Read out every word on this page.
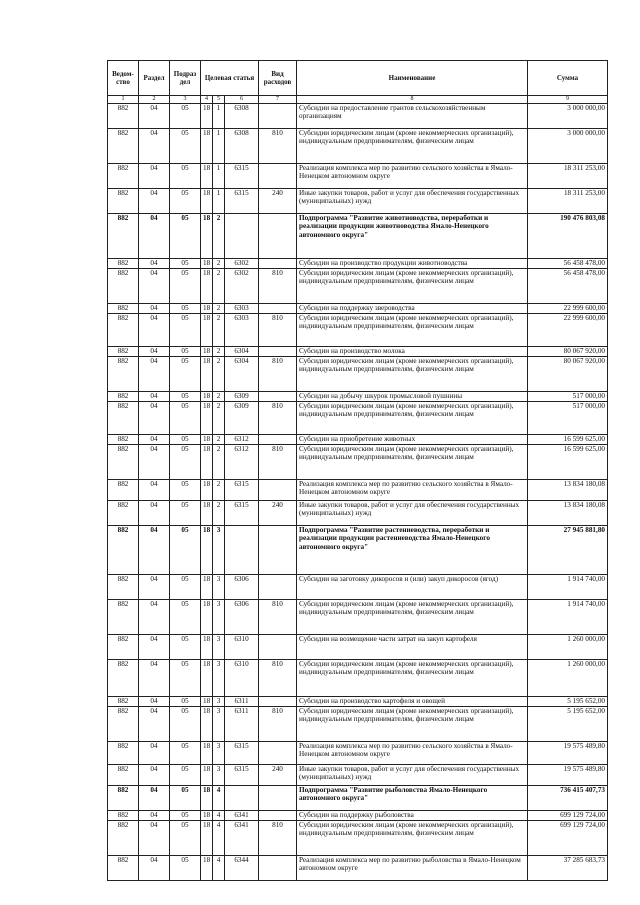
Ведом-ство	Раздел	Подраз дел	Целевая статья			Вид расходов	Наименование	Сумма
1	2	3	4	5	6	7	8	9
882	04	05	18	1	6308		Субсидии на предоставление грантов сельскохозяйственным организациям	3 000 000,00
882	04	05	18	1	6308	810	Субсидии юридическим лицам (кроме некоммерческих организаций), индивидуальным предпринимателям, физическим лицам	3 000 000,00
882	04	05	18	1	6315		Реализация комплекса мер по развитию сельского хозяйства в Ямало-Ненецком автономном округе	18 311 253,00
882	04	05	18	1	6315	240	Иные закупки товаров, работ и услуг для обеспечения государственных (муниципальных) нужд	18 311 253,00
882	04	05	18	2			Подпрограмма "Развитие животноводства, переработки и реализации продукции животноводства Ямало-Ненецкого автономного округа"	190 476 803,08
882	04	05	18	2	6302		Субсидии на производство продукции животноводства	56 458 478,00
882	04	05	18	2	6302	810	Субсидии юридическим лицам (кроме некоммерческих организаций), индивидуальным предпринимателям, физическим лицам	56 458 478,00
882	04	05	18	2	6303		Субсидии на поддержку звероводства	22 999 600,00
882	04	05	18	2	6303	810	Субсидии юридическим лицам (кроме некоммерческих организаций), индивидуальным предпринимателям, физическим лицам	22 999 600,00
882	04	05	18	2	6304		Субсидии на производство молока	80 067 920,00
882	04	05	18	2	6304	810	Субсидии юридическим лицам (кроме некоммерческих организаций), индивидуальным предпринимателям, физическим лицам	80 067 920,00
882	04	05	18	2	6309		Субсидии на добычу шкурок промысловой пушнины	517 000,00
882	04	05	18	2	6309	810	Субсидии юридическим лицам (кроме некоммерческих организаций), индивидуальным предпринимателям, физическим лицам	517 000,00
882	04	05	18	2	6312		Субсидии на приобретение животных	16 599 625,00
882	04	05	18	2	6312	810	Субсидии юридическим лицам (кроме некоммерческих организаций), индивидуальным предпринимателям, физическим лицам	16 599 625,00
882	04	05	18	2	6315		Реализация комплекса мер по развитию сельского хозяйства в Ямало-Ненецком автономном округе	13 834 180,08
882	04	05	18	2	6315	240	Иные закупки товаров, работ и услуг для обеспечения государственных (муниципальных) нужд	13 834 180,08
882	04	05	18	3			Подпрограмма "Развитие растениеводства, переработки и реализации продукции растениеводства Ямало-Ненецкого автономного округа"	27 945 881,80
882	04	05	18	3	6306		Субсидии на заготовку дикоросов и (или) закуп дикоросов (ягод)	1 914 740,00
882	04	05	18	3	6306	810	Субсидии юридическим лицам (кроме некоммерческих организаций), индивидуальным предпринимателям, физическим лицам	1 914 740,00
882	04	05	18	3	6310		Субсидии на возмещение части затрат на закуп картофеля	1 260 000,00
882	04	05	18	3	6310	810	Субсидии юридическим лицам (кроме некоммерческих организаций), индивидуальным предпринимателям, физическим лицам	1 260 000,00
882	04	05	18	3	6311		Субсидии на производство картофеля и овощей	5 195 652,00
882	04	05	18	3	6311	810	Субсидии юридическим лицам (кроме некоммерческих организаций), индивидуальным предпринимателям, физическим лицам	5 195 652,00
882	04	05	18	3	6315		Реализация комплекса мер по развитию сельского хозяйства в Ямало-Ненецком автономном округе	19 575 489,80
882	04	05	18	3	6315	240	Иные закупки товаров, работ и услуг для обеспечения государственных (муниципальных) нужд	19 575 489,80
882	04	05	18	4			Подпрограмма "Развитие рыболовства Ямало-Ненецкого автономного округа"	736 415 407,73
882	04	05	18	4	6341		Субсидии на поддержку рыболовства	699 129 724,00
882	04	05	18	4	6341	810	Субсидии юридическим лицам (кроме некоммерческих организаций), индивидуальным предпринимателям, физическим лицам	699 129 724,00
882	04	05	18	4	6344		Реализация комплекса мер по развитию рыболовства в Ямало-Ненецком автономном округе	37 285 683,73
